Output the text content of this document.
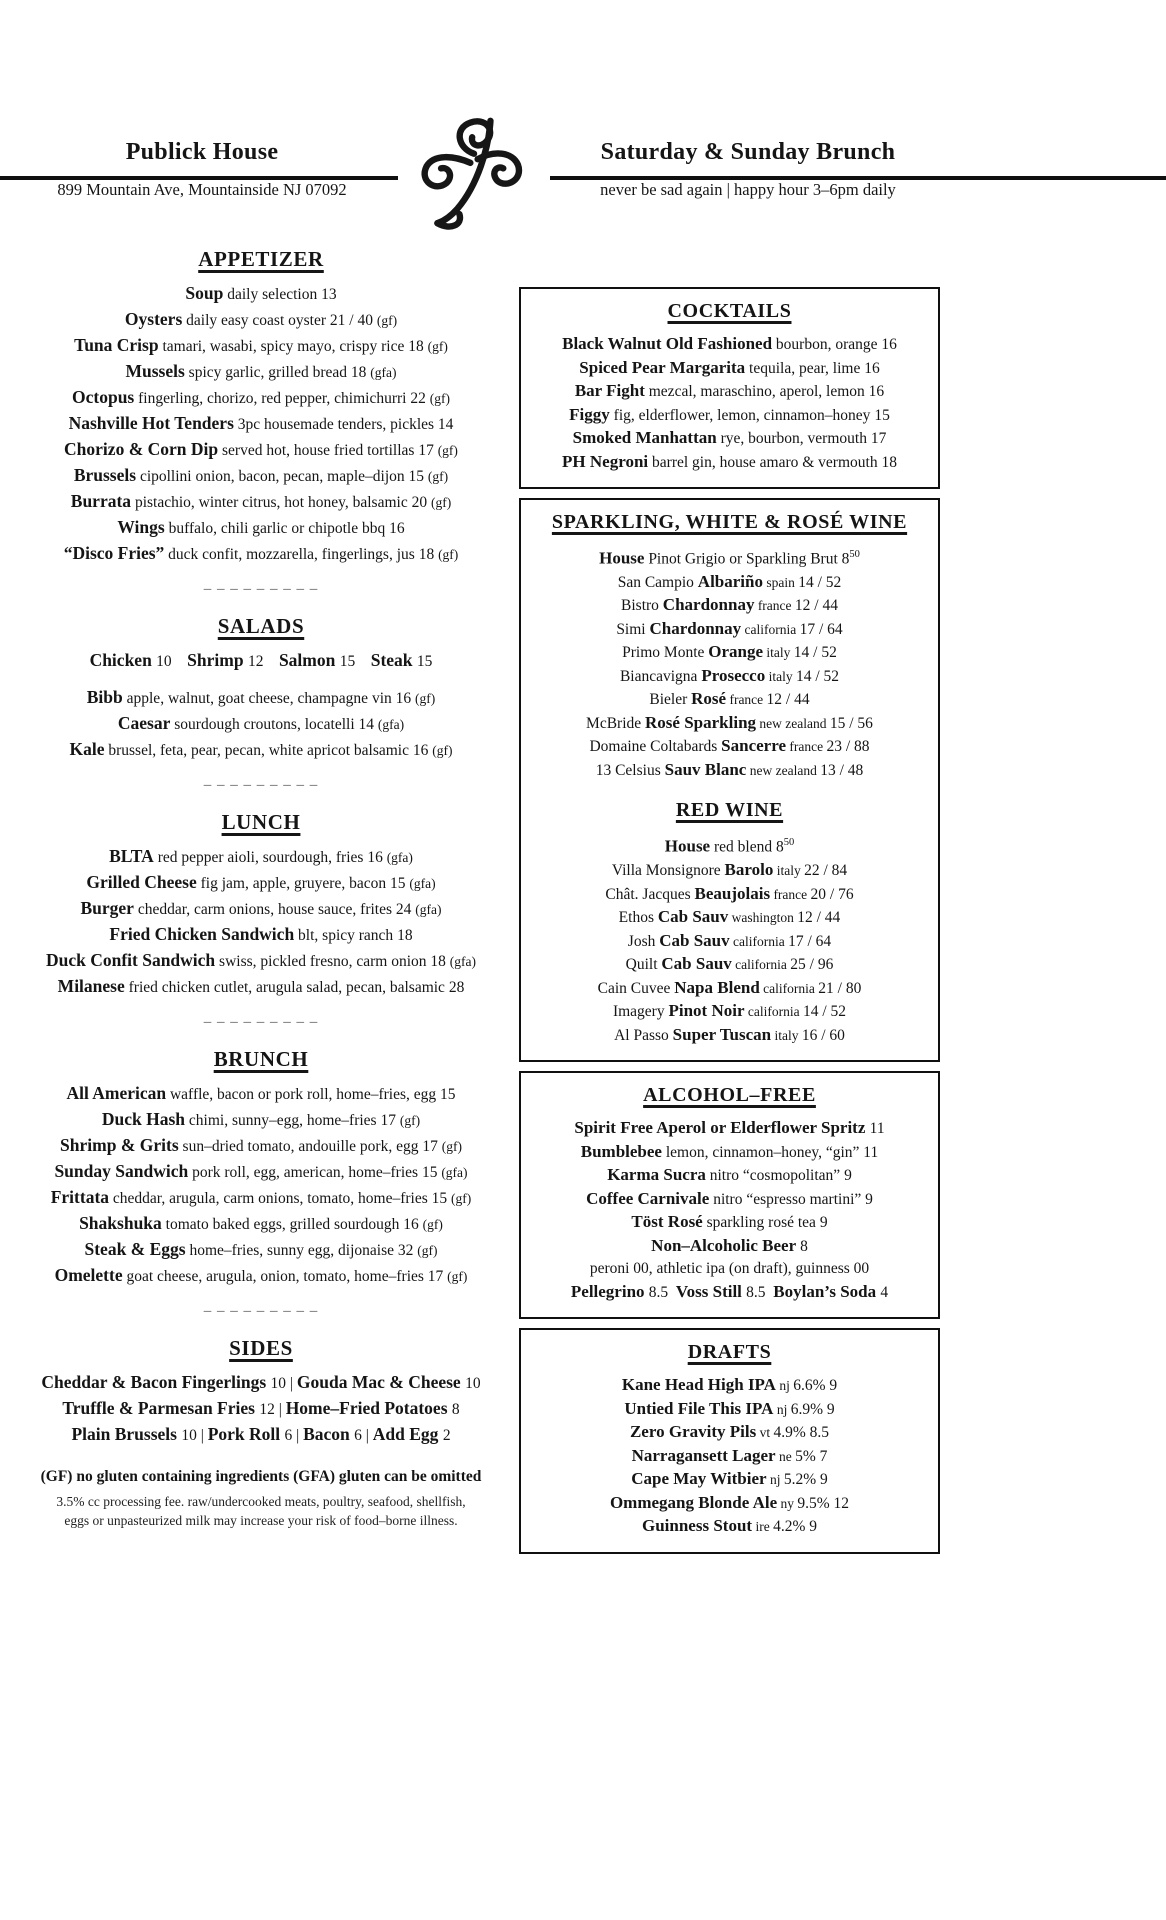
Publick House
899 Mountain Ave, Mountainside NJ 07092
Saturday & Sunday Brunch
never be sad again | happy hour 3–6pm daily
APPETIZER

Soup daily selection 13

Oysters daily easy coast oyster 21 / 40 (gf)

Tuna Crisp tamari, wasabi, spicy mayo, crispy rice 18 (gf)

Mussels spicy garlic, grilled bread 18 (gfa)

Octopus fingerling, chorizo, red pepper, chimichurri 22 (gf)

Nashville Hot Tenders 3pc housemade tenders, pickles 14

Chorizo & Corn Dip served hot, house fried tortillas 17 (gf)

Brussels cipollini onion, bacon, pecan, maple–dijon 15 (gf)

Burrata pistachio, winter citrus, hot honey, balsamic 20 (gf)

Wings buffalo, chili garlic or chipotle bbq 16

“Disco Fries” duck confit, mozzarella, fingerlings, jus 18 (gf)

– – – – – – – – –
SALADS

Chicken 10   Shrimp 12   Salmon 15   Steak 15

Bibb apple, walnut, goat cheese, champagne vin 16 (gf)

Caesar sourdough croutons, locatelli 14 (gfa)

Kale brussel, feta, pear, pecan, white apricot balsamic 16 (gf)

– – – – – – – – –
LUNCH

BLTA red pepper aioli, sourdough, fries 16 (gfa)

Grilled Cheese fig jam, apple, gruyere, bacon 15 (gfa)

Burger cheddar, carm onions, house sauce, frites 24 (gfa)

Fried Chicken Sandwich blt, spicy ranch 18

Duck Confit Sandwich swiss, pickled fresno, carm onion 18 (gfa)

Milanese fried chicken cutlet, arugula salad, pecan, balsamic 28

– – – – – – – – –
BRUNCH

All American waffle, bacon or pork roll, home–fries, egg 15

Duck Hash chimi, sunny–egg, home–fries 17 (gf)

Shrimp & Grits sun–dried tomato, andouille pork, egg 17 (gf)

Sunday Sandwich pork roll, egg, american, home–fries 15 (gfa)

Frittata cheddar, arugula, carm onions, tomato, home–fries 15 (gf)

Shakshuka tomato baked eggs, grilled sourdough 16 (gf)

Steak & Eggs home–fries, sunny egg, dijonaise 32 (gf)

Omelette goat cheese, arugula, onion, tomato, home–fries 17 (gf)

– – – – – – – – –
SIDES

Cheddar & Bacon Fingerlings 10 | Gouda Mac & Cheese 10

Truffle & Parmesan Fries 12 | Home–Fried Potatoes 8

Plain Brussels 10 | Pork Roll 6 | Bacon 6 | Add Egg 2

(GF) no gluten containing ingredients (GFA) gluten can be omitted

3.5% cc processing fee. raw/undercooked meats, poultry, seafood, shellfish,

eggs or unpasteurized milk may increase your risk of food–borne illness.

COCKTAILS

Black Walnut Old Fashioned bourbon, orange 16

Spiced Pear Margarita tequila, pear, lime 16

Bar Fight mezcal, maraschino, aperol, lemon 16

Figgy fig, elderflower, lemon, cinnamon–honey 15

Smoked Manhattan rye, bourbon, vermouth 17

PH Negroni barrel gin, house amaro & vermouth 18

SPARKLING, WHITE & ROSÉ WINE

House Pinot Grigio or Sparkling Brut $8^{50}$

San Campio Albariño spain 14 / 52

Bistro Chardonnay france 12 / 44

Simi Chardonnay california 17 / 64

Primo Monte Orange italy 14 / 52

Biancavigna Prosecco italy 14 / 52

Bieler Rosé france 12 / 44

McBride Rosé Sparkling new zealand 15 / 56

Domaine Coltabards Sancerre france 23 / 88

13 Celsius Sauv Blanc new zealand 13 / 48

RED WINE

House red blend $8^{50}$

Villa Monsignore Barolo italy 22 / 84

Chât. Jacques Beaujolais france 20 / 76

Ethos Cab Sauv washington 12 / 44

Josh Cab Sauv california 17 / 64

Quilt Cab Sauv california 25 / 96

Cain Cuvee Napa Blend california 21 / 80

Imagery Pinot Noir california 14 / 52

Al Passo Super Tuscan italy 16 / 60

ALCOHOL–FREE

Spirit Free Aperol or Elderflower Spritz 11

Bumblebee lemon, cinnamon–honey, “gin” 11

Karma Sucra nitro “cosmopolitan” 9

Coffee Carnivale nitro “espresso martini” 9

Töst Rosé sparkling rosé tea 9

Non–Alcoholic Beer 8

peroni 00, athletic ipa (on draft), guinness 00

Pellegrino 8.5  Voss Still 8.5  Boylan’s Soda 4

DRAFTS

Kane Head High IPA nj 6.6% 9

Untied File This IPA nj 6.9% 9

Zero Gravity Pils vt 4.9% 8.5

Narragansett Lager ne 5% 7

Cape May Witbier nj 5.2% 9

Ommegang Blonde Ale ny 9.5% 12

Guinness Stout ire 4.2% 9
